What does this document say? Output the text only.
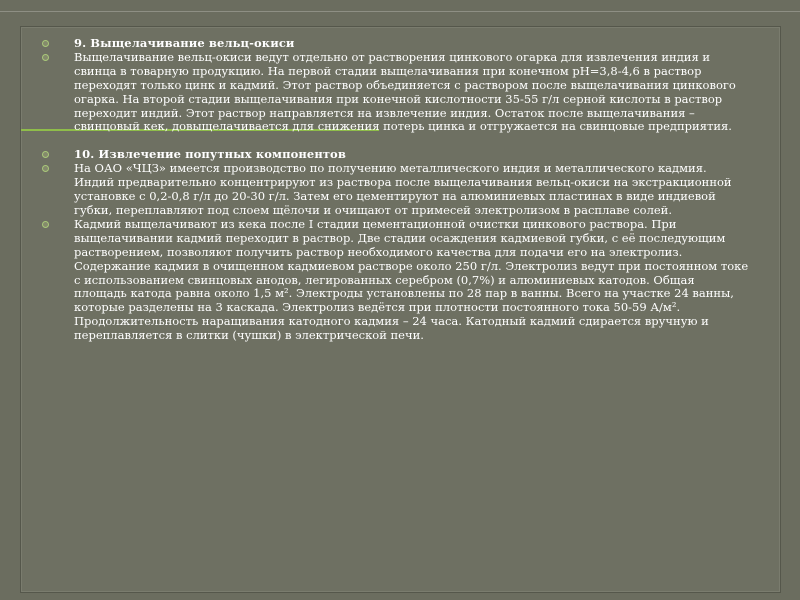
9. Выщелачивание вельц-окиси
Выщелачивание вельц-окиси ведут отдельно от растворения цинкового огарка для извлечения индия и свинца в товарную продукцию. На первой стадии выщелачивания при конечном pH=3,8-4,6 в раствор переходят только цинк и кадмий. Этот раствор объединяется с раствором после выщелачивания цинкового огарка. На второй стадии выщелачивания при конечной кислотности 35-55 г/л серной кислоты в раствор переходит индий. Этот раствор направляется на извлечение индия. Остаток после выщелачивания – свинцовый кек, довыщелачивается для снижения потерь цинка и отгружается на свинцовые предприятия.
10. Извлечение попутных компонентов
На ОАО «ЧЦЗ» имеется производство по получению металлического индия и металлического кадмия.
Индий предварительно концентрируют из раствора после выщелачивания вельц-окиси на экстракционной установке с 0,2-0,8 г/л до 20-30 г/л. Затем его цементируют на алюминиевых пластинах в виде индиевой губки, переплавляют под слоем щёлочи и очищают от примесей электролизом в расплаве солей.
Кадмий выщелачивают из кека после I стадии цементационной очистки цинкового раствора. При выщелачивании кадмий переходит в раствор. Две стадии осаждения кадмиевой губки, с её последующим растворением, позволяют получить раствор необходимого качества для подачи его на электролиз. Содержание кадмия в очищенном кадмиевом растворе около 250 г/л. Электролиз ведут при постоянном токе с использованием свинцовых анодов, легированных серебром (0,7%) и алюминиевых катодов. Общая площадь катода равна около 1,5 м². Электроды установлены по 28 пар в ванны. Всего на участке 24 ванны, которые разделены на 3 каскада. Электролиз ведётся при плотности постоянного тока 50-59 А/м². Продолжительность наращивания катодного кадмия – 24 часа. Катодный кадмий сдирается вручную и переплавляется в слитки (чушки) в электрической печи.
